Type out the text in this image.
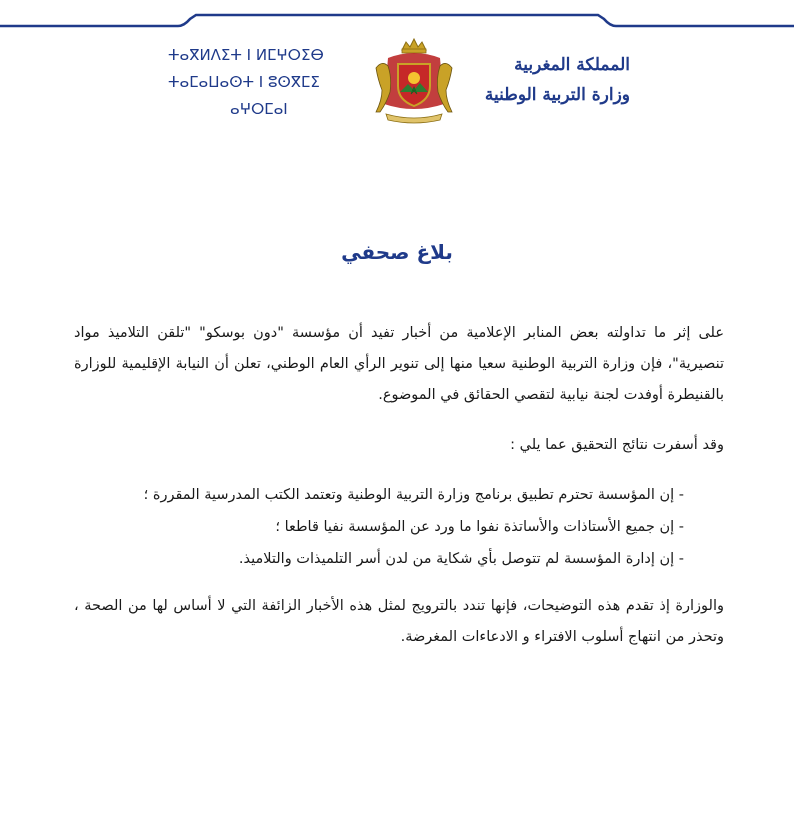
ⵜⴰⴳⵍⴷⵉⵜ ⵏ ⵍⵎⵖⵔⵉⴱ
ⵜⴰⵎⴰⵡⴰⵙⵜ ⵏ ⵓⵙⴳⵎⵉ
ⴰⵖⵔⵎⴰⵏ
المملكة المغربية
وزارة التربية الوطنية
بلاغ صحفي
على إثر ما تداولته بعض المنابر الإعلامية من أخبار تفيد أن مؤسسة "دون بوسكو" "تلقن التلاميذ مواد تنصيرية"، فإن وزارة التربية الوطنية سعيا منها إلى تنوير الرأي العام الوطني، تعلن أن النيابة الإقليمية للوزارة بالقنيطرة أوفدت لجنة نيابية لتقصي الحقائق في الموضوع.
وقد أسفرت نتائج التحقيق عما يلي :
- إن المؤسسة تحترم تطبيق برنامج وزارة التربية الوطنية وتعتمد الكتب المدرسية المقررة ؛
- إن جميع الأستاذات والأساتذة نفوا ما ورد عن المؤسسة نفيا قاطعا ؛
- إن إدارة المؤسسة لم تتوصل بأي شكاية من لدن أسر التلميذات والتلاميذ.
والوزارة إذ تقدم هذه التوضيحات، فإنها تندد بالترويج لمثل هذه الأخبار الزائفة التي لا أساس لها من الصحة ، وتحذر من انتهاج أسلوب الافتراء و الادعاءات المغرضة.
